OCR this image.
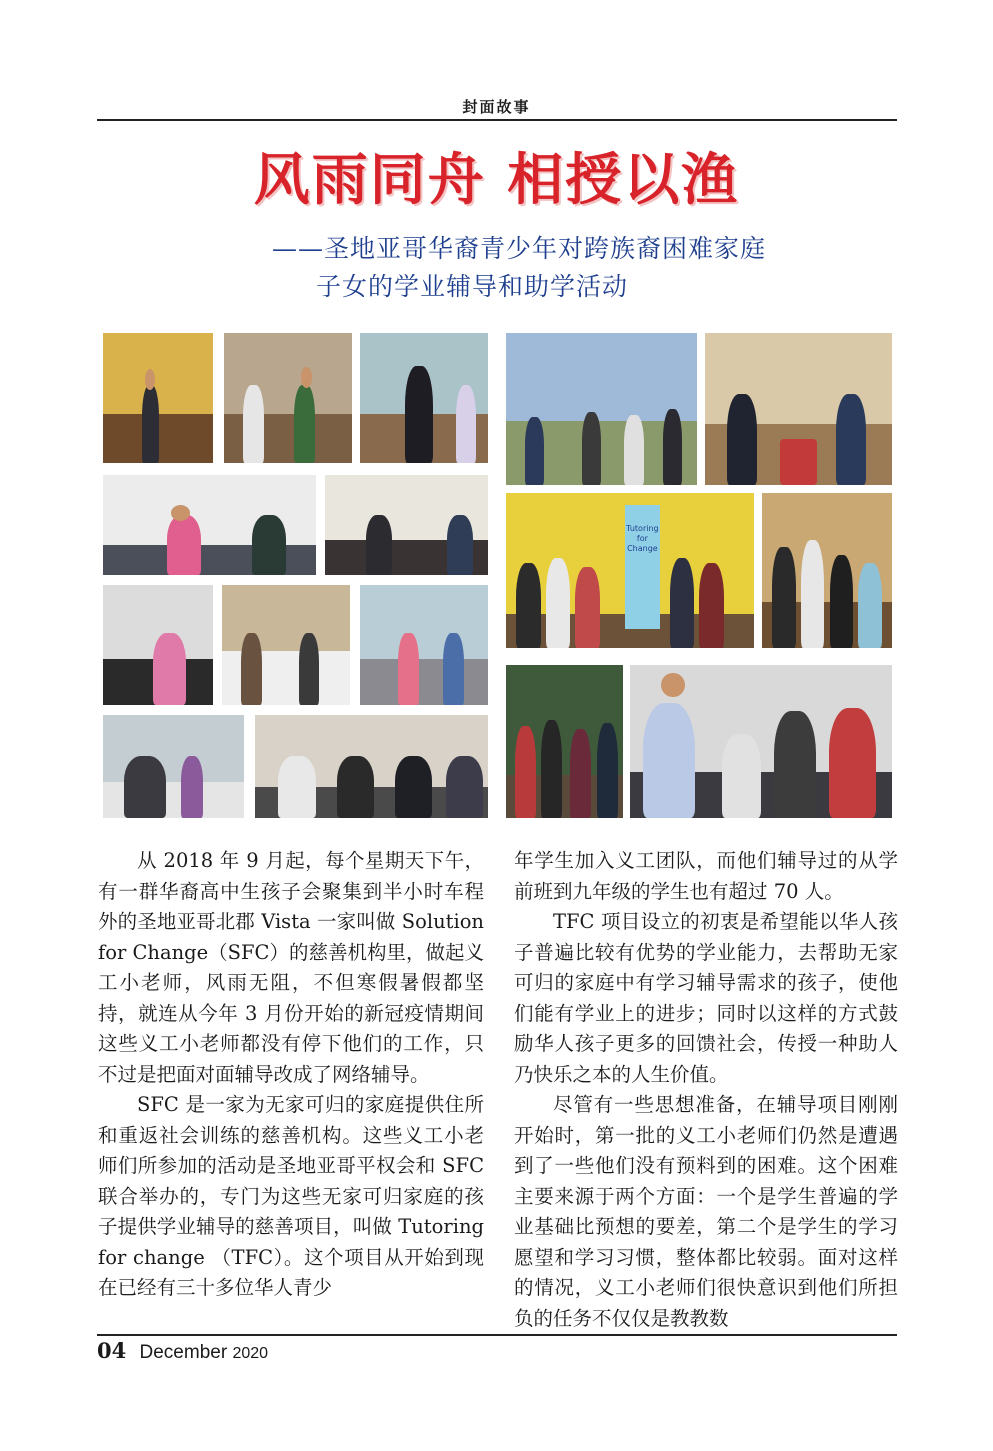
封面故事
风雨同舟 相授以渔
——圣地亚哥华裔青少年对跨族裔困难家庭
子女的学业辅导和助学活动
Tutoring for Change

从 2018 年 9 月起，每个星期天下午，有一群华裔高中生孩子会聚集到半小时车程外的圣地亚哥北郡 Vista 一家叫做 Solution for Change（SFC）的慈善机构里，做起义工小老师，风雨无阻，不但寒假暑假都坚持，就连从今年 3 月份开始的新冠疫情期间这些义工小老师都没有停下他们的工作，只不过是把面对面辅导改成了网络辅导。

SFC 是一家为无家可归的家庭提供住所和重返社会训练的慈善机构。这些义工小老师们所参加的活动是圣地亚哥平权会和 SFC 联合举办的，专门为这些无家可归家庭的孩子提供学业辅导的慈善项目，叫做 Tutoring for change （TFC）。这个项目从开始到现在已经有三十多位华人青少

年学生加入义工团队，而他们辅导过的从学前班到九年级的学生也有超过 70 人。

TFC 项目设立的初衷是希望能以华人孩子普遍比较有优势的学业能力，去帮助无家可归的家庭中有学习辅导需求的孩子，使他们能有学业上的进步；同时以这样的方式鼓励华人孩子更多的回馈社会，传授一种助人乃快乐之本的人生价值。

尽管有一些思想准备，在辅导项目刚刚开始时，第一批的义工小老师们仍然是遭遇到了一些他们没有预料到的困难。这个困难主要来源于两个方面：一个是学生普遍的学业基础比预想的要差，第二个是学生的学习愿望和学习习惯，整体都比较弱。面对这样的情况，义工小老师们很快意识到他们所担负的任务不仅仅是教教数

04 December 2020
